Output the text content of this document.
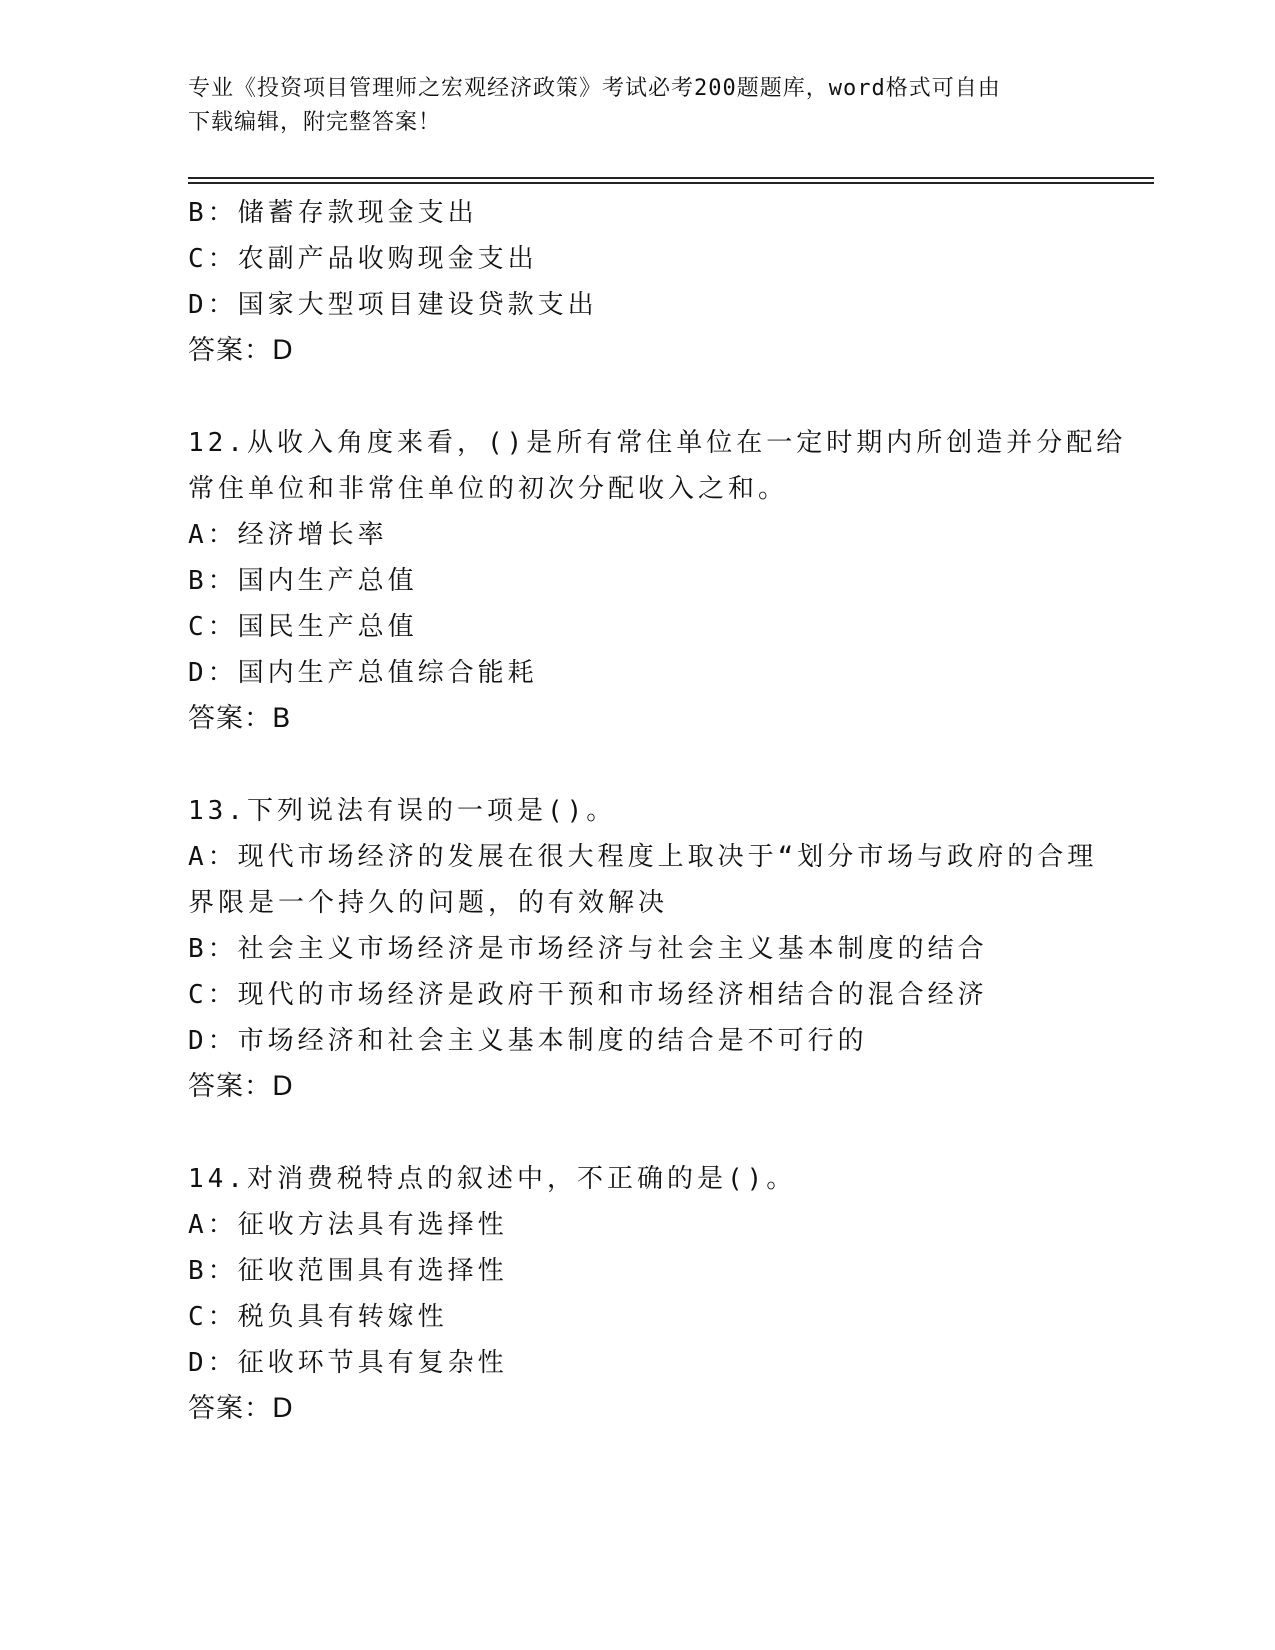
专业《投资项目管理师之宏观经济政策》考试必考200题题库，word格式可自由
下载编辑，附完整答案！
B：储蓄存款现金支出
C：农副产品收购现金支出
D：国家大型项目建设贷款支出
答案：D
12.从收入角度来看，()是所有常住单位在一定时期内所创造并分配给
常住单位和非常住单位的初次分配收入之和。
A：经济增长率
B：国内生产总值
C：国民生产总值
D：国内生产总值综合能耗
答案：B
13.下列说法有误的一项是()。
A：现代市场经济的发展在很大程度上取决于“划分市场与政府的合理
界限是一个持久的问题，的有效解决
B：社会主义市场经济是市场经济与社会主义基本制度的结合
C：现代的市场经济是政府干预和市场经济相结合的混合经济
D：市场经济和社会主义基本制度的结合是不可行的
答案：D
14.对消费税特点的叙述中，不正确的是()。
A：征收方法具有选择性
B：征收范围具有选择性
C：税负具有转嫁性
D：征收环节具有复杂性
答案：D
